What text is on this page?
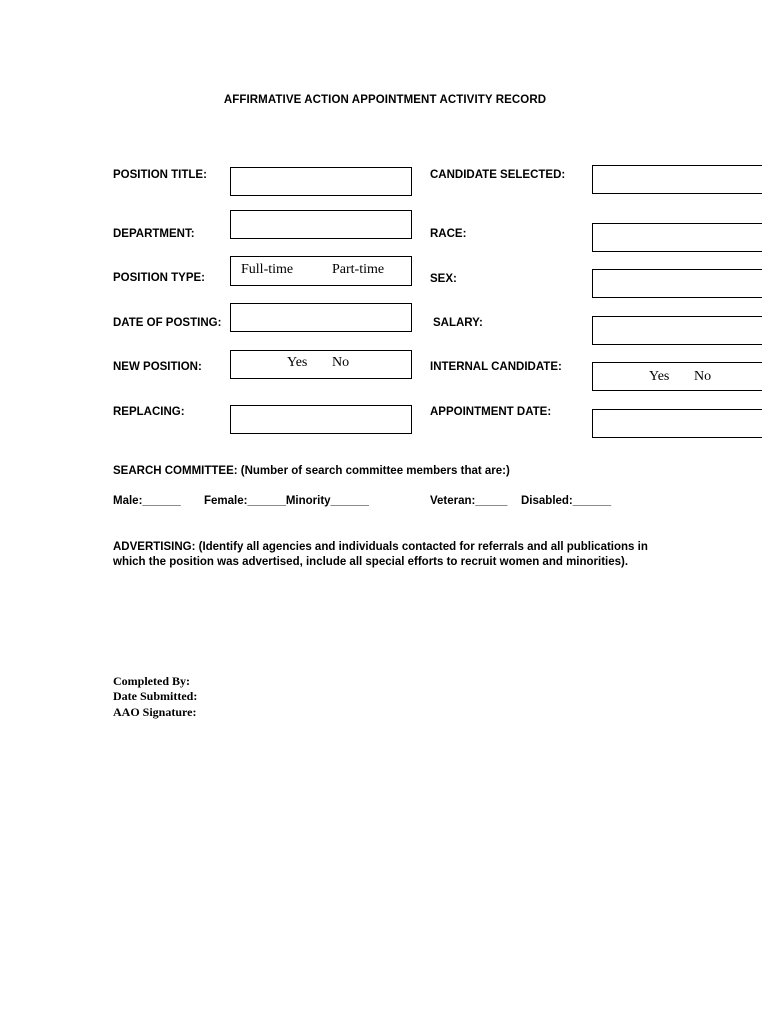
AFFIRMATIVE ACTION APPOINTMENT ACTIVITY RECORD
POSITION TITLE:
DEPARTMENT:
POSITION TYPE:
Full-time	Part-time
DATE OF POSTING:
NEW POSITION:	Yes No
REPLACING:
CANDIDATE SELECTED:
RACE:
SEX:
SALARY:
INTERNAL CANDIDATE:
Yes No
APPOINTMENT DATE:
SEARCH COMMITTEE: (Number of search committee members that are:)
Male:______ Female:______Minority______	Veteran:_____ Disabled:______
ADVERTISING: (Identify all agencies and individuals contacted for referrals and all publications in which the position was advertised, include all special efforts to recruit women and minorities).
Completed By:
Date Submitted:
AAO Signature:
